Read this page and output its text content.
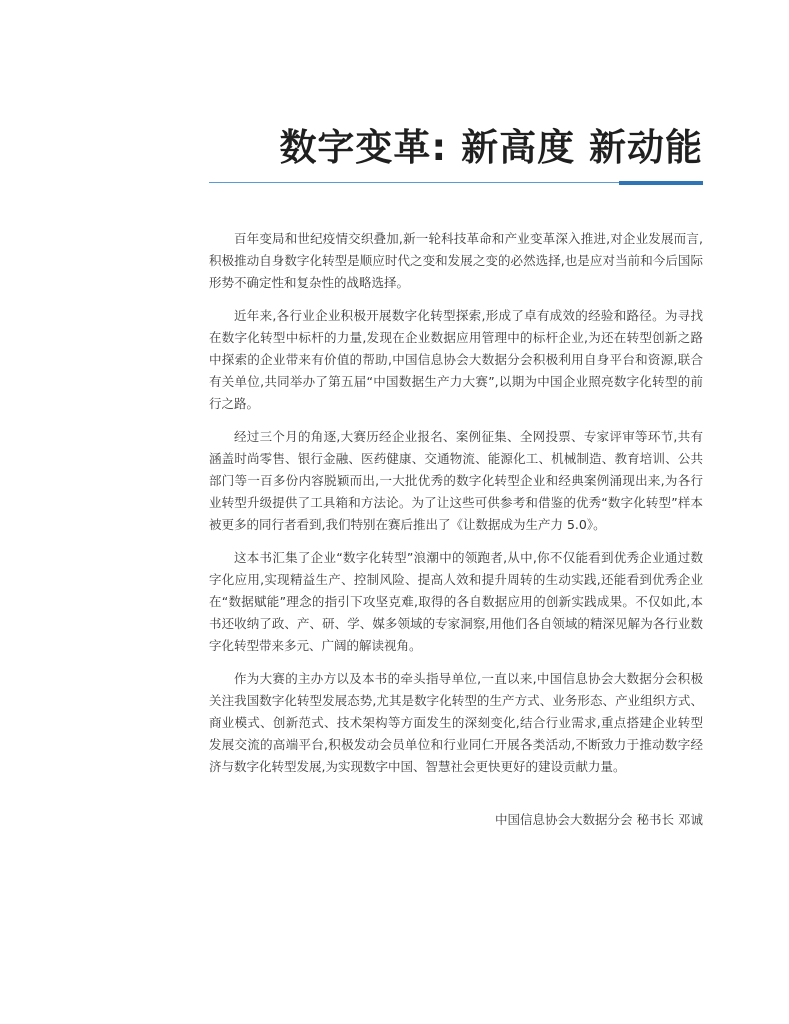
数字变革: 新高度 新动能

百年变局和世纪疫情交织叠加,新一轮科技革命和产业变革深入推进,对企业发展而言,积极推动自身数字化转型是顺应时代之变和发展之变的必然选择,也是应对当前和今后国际形势不确定性和复杂性的战略选择。

近年来,各行业企业积极开展数字化转型探索,形成了卓有成效的经验和路径。为寻找在数字化转型中标杆的力量,发现在企业数据应用管理中的标杆企业,为还在转型创新之路中探索的企业带来有价值的帮助,中国信息协会大数据分会积极利用自身平台和资源,联合有关单位,共同举办了第五届“中国数据生产力大赛”,以期为中国企业照亮数字化转型的前行之路。

经过三个月的角逐,大赛历经企业报名、案例征集、全网投票、专家评审等环节,共有涵盖时尚零售、银行金融、医药健康、交通物流、能源化工、机械制造、教育培训、公共部门等一百多份内容脱颖而出,一大批优秀的数字化转型企业和经典案例涌现出来,为各行业转型升级提供了工具箱和方法论。为了让这些可供参考和借鉴的优秀“数字化转型”样本被更多的同行者看到,我们特别在赛后推出了《让数据成为生产力 5.0》。

这本书汇集了企业“数字化转型”浪潮中的领跑者,从中,你不仅能看到优秀企业通过数字化应用,实现精益生产、控制风险、提高人效和提升周转的生动实践,还能看到优秀企业在“数据赋能”理念的指引下攻坚克难,取得的各自数据应用的创新实践成果。不仅如此,本书还收纳了政、产、研、学、媒多领域的专家洞察,用他们各自领域的精深见解为各行业数字化转型带来多元、广阔的解读视角。

作为大赛的主办方以及本书的牵头指导单位,一直以来,中国信息协会大数据分会积极关注我国数字化转型发展态势,尤其是数字化转型的生产方式、业务形态、产业组织方式、商业模式、创新范式、技术架构等方面发生的深刻变化,结合行业需求,重点搭建企业转型发展交流的高端平台,积极发动会员单位和行业同仁开展各类活动,不断致力于推动数字经济与数字化转型发展,为实现数字中国、智慧社会更快更好的建设贡献力量。

中国信息协会大数据分会 秘书长 邓诚
